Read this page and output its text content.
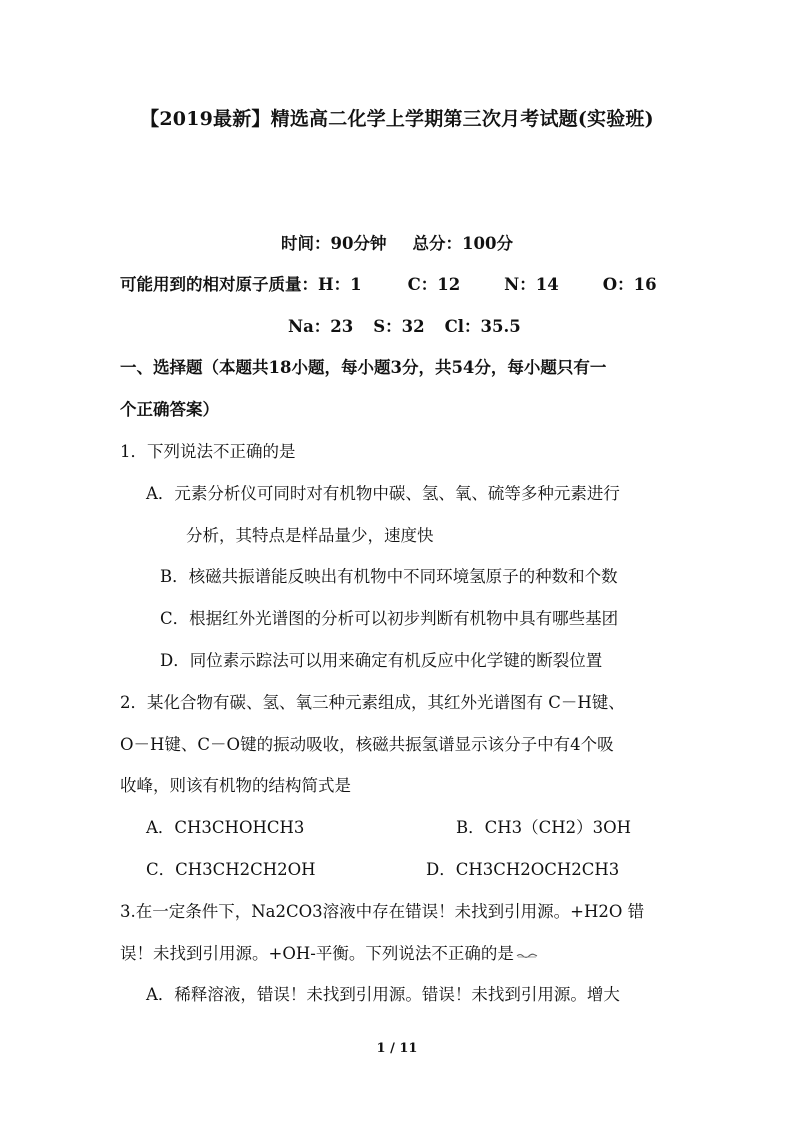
【2019最新】精选高二化学上学期第三次月考试题(实验班)
时间：90分钟 总分：100分
可能用到的相对原子质量：H：1	C：12	N：14	O：16
Na：23 S：32 Cl：35.5
一、选择题（本题共18小题，每小题3分，共54分，每小题只有一
个正确答案）
1．下列说法不正确的是
A．元素分析仪可同时对有机物中碳、氢、氧、硫等多种元素进行
分析，其特点是样品量少，速度快
B．核磁共振谱能反映出有机物中不同环境氢原子的种数和个数
C．根据红外光谱图的分析可以初步判断有机物中具有哪些基团
D．同位素示踪法可以用来确定有机反应中化学键的断裂位置
2．某化合物有碳、氢、氧三种元素组成，其红外光谱图有 C－H键、
O－H键、C－O键的振动吸收，核磁共振氢谱显示该分子中有4个吸
收峰，则该有机物的结构简式是
A．CH3CHOHCH3	B．CH3（CH2）3OH
C．CH3CH2CH2OH	D．CH3CH2OCH2CH3
3.在一定条件下，Na2CO3溶液中存在错误！未找到引用源。+H2O 错
误！未找到引用源。+OH-平衡。下列说法不正确的是
A．稀释溶液，错误！未找到引用源。错误！未找到引用源。增大
1 / 11
